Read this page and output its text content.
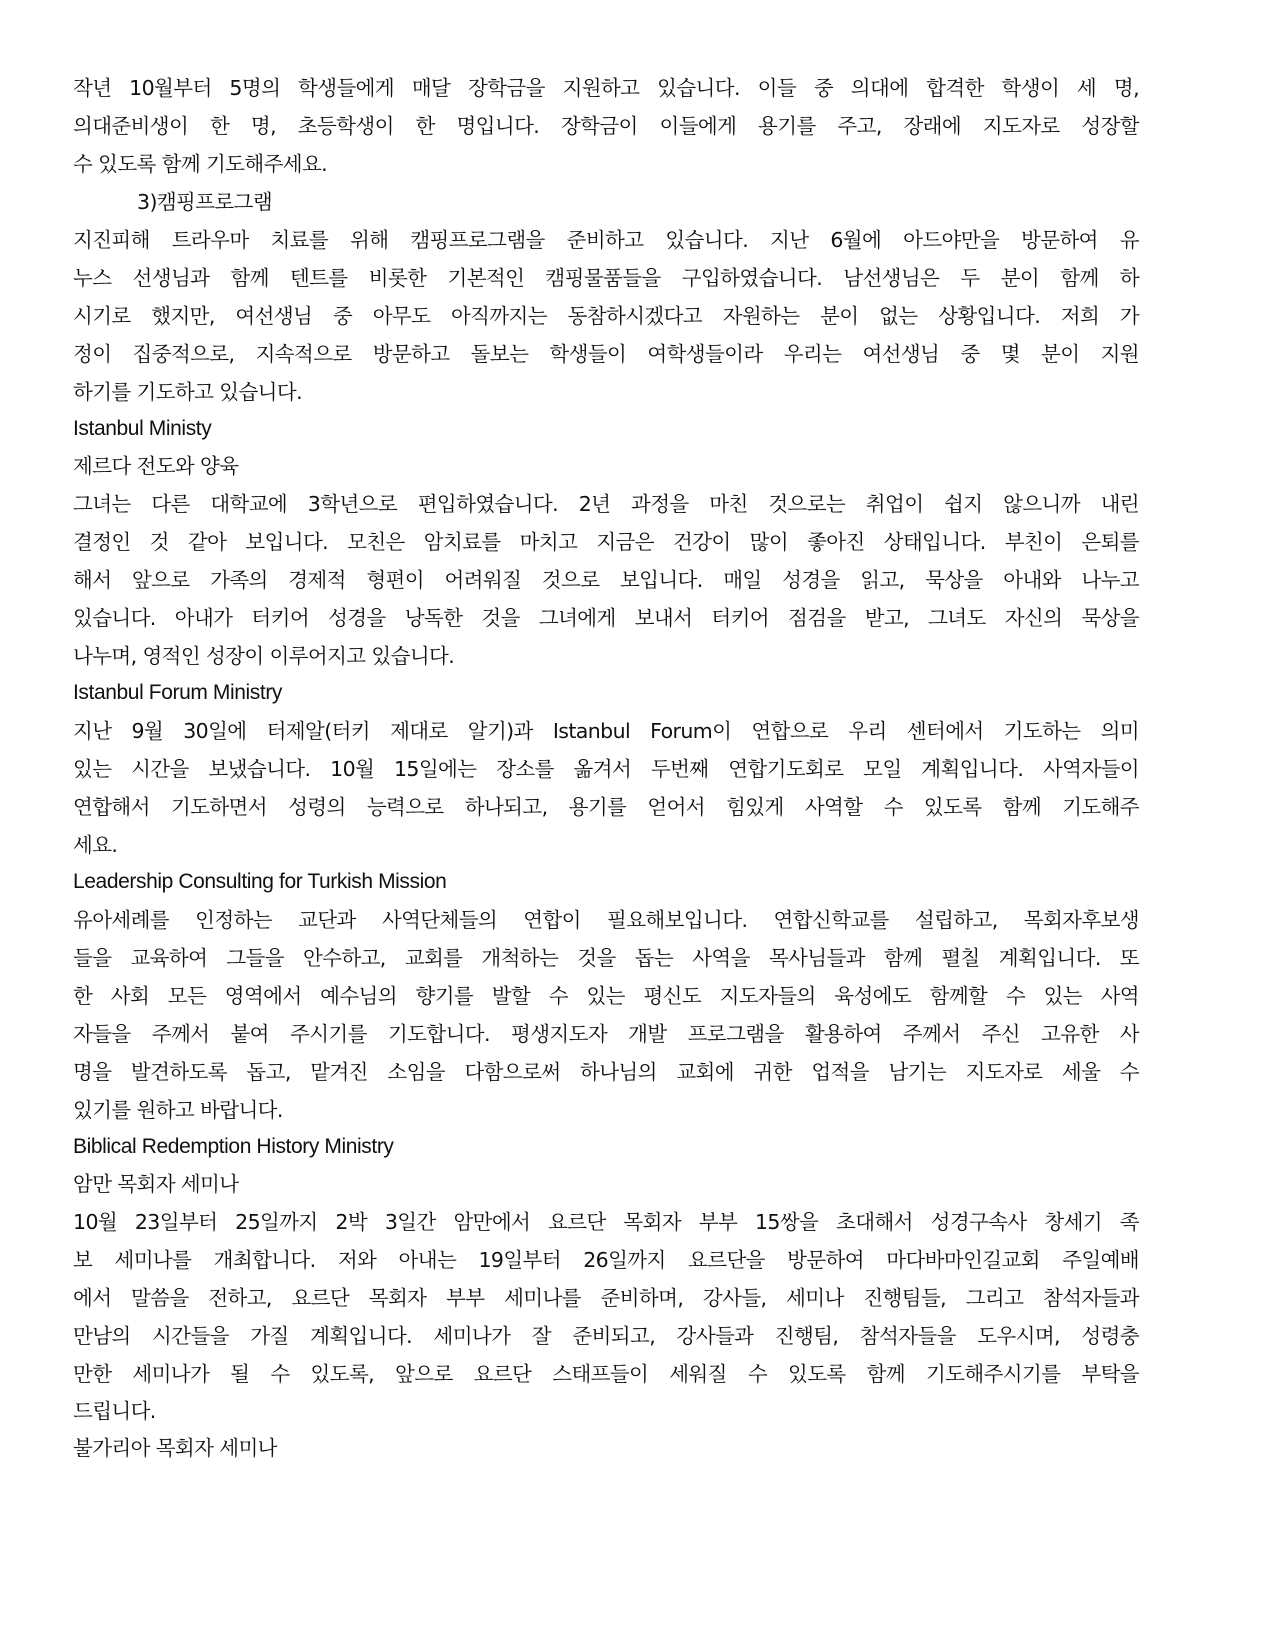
작년 10월부터 5명의 학생들에게 매달 장학금을 지원하고 있습니다. 이들 중 의대에 합격한 학생이 세 명,
의대준비생이 한 명, 초등학생이 한 명입니다. 장학금이 이들에게 용기를 주고, 장래에 지도자로 성장할
수 있도록 함께 기도해주세요.
3)캠핑프로그램
지진피해 트라우마 치료를 위해 캠핑프로그램을 준비하고 있습니다. 지난 6월에 아드야만을 방문하여 유
누스 선생님과 함께 텐트를 비롯한 기본적인 캠핑물품들을 구입하였습니다. 남선생님은 두 분이 함께 하
시기로 했지만, 여선생님 중 아무도 아직까지는 동참하시겠다고 자원하는 분이 없는 상황입니다. 저희 가
정이 집중적으로, 지속적으로 방문하고 돌보는 학생들이 여학생들이라 우리는 여선생님 중 몇 분이 지원
하기를 기도하고 있습니다.
Istanbul Ministy
제르다 전도와 양육
그녀는 다른 대학교에 3학년으로 편입하였습니다. 2년 과정을 마친 것으로는 취업이 쉽지 않으니까 내린
결정인 것 같아 보입니다. 모친은 암치료를 마치고 지금은 건강이 많이 좋아진 상태입니다. 부친이 은퇴를
해서 앞으로 가족의 경제적 형편이 어려워질 것으로 보입니다. 매일 성경을 읽고, 묵상을 아내와 나누고
있습니다. 아내가 터키어 성경을 낭독한 것을 그녀에게 보내서 터키어 점검을 받고, 그녀도 자신의 묵상을
나누며, 영적인 성장이 이루어지고 있습니다.
Istanbul Forum Ministry
지난 9월 30일에 터제알(터키 제대로 알기)과 Istanbul Forum이 연합으로 우리 센터에서 기도하는 의미
있는 시간을 보냈습니다. 10월 15일에는 장소를 옮겨서 두번째 연합기도회로 모일 계획입니다. 사역자들이
연합해서 기도하면서 성령의 능력으로 하나되고, 용기를 얻어서 힘있게 사역할 수 있도록 함께 기도해주
세요.
Leadership Consulting for Turkish Mission
유아세례를 인정하는 교단과 사역단체들의 연합이 필요해보입니다. 연합신학교를 설립하고, 목회자후보생
들을 교육하여 그들을 안수하고, 교회를 개척하는 것을 돕는 사역을 목사님들과 함께 펼칠 계획입니다. 또
한 사회 모든 영역에서 예수님의 향기를 발할 수 있는 평신도 지도자들의 육성에도 함께할 수 있는 사역
자들을 주께서 붙여 주시기를 기도합니다. 평생지도자 개발 프로그램을 활용하여 주께서 주신 고유한 사
명을 발견하도록 돕고, 맡겨진 소임을 다함으로써 하나님의 교회에 귀한 업적을 남기는 지도자로 세울 수
있기를 원하고 바랍니다.
Biblical Redemption History Ministry
암만 목회자 세미나
10월 23일부터 25일까지 2박 3일간 암만에서 요르단 목회자 부부 15쌍을 초대해서 성경구속사 창세기 족
보 세미나를 개최합니다. 저와 아내는 19일부터 26일까지 요르단을 방문하여 마다바마인길교회 주일예배
에서 말씀을 전하고, 요르단 목회자 부부 세미나를 준비하며, 강사들, 세미나 진행팀들, 그리고 참석자들과
만남의 시간들을 가질 계획입니다. 세미나가 잘 준비되고, 강사들과 진행팀, 참석자들을 도우시며, 성령충
만한 세미나가 될 수 있도록, 앞으로 요르단 스태프들이 세워질 수 있도록 함께 기도해주시기를 부탁을
드립니다.
불가리아 목회자 세미나
